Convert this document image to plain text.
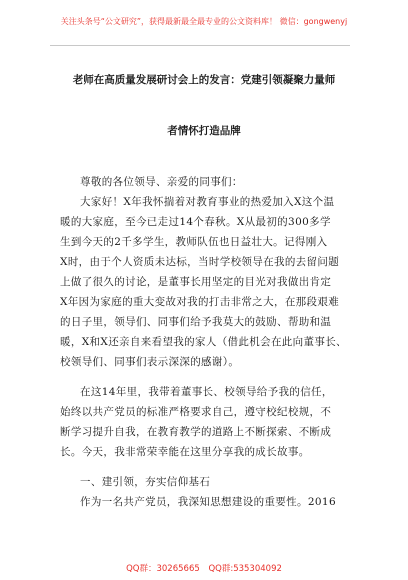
关注头条号“公文研究”，获得最新最全最专业的公文资料库！ 微信：gongwenyj
老师在高质量发展研讨会上的发言：党建引领凝聚力量师
者情怀打造品牌
尊敬的各位领导、亲爱的同事们：
大家好！X年我怀揣着对教育事业的热爱加入X这个温
暖的大家庭，至今已走过14个春秋。X从最初的300多学
生到今天的2千多学生，教师队伍也日益壮大。记得刚入
X时，由于个人资质未达标，当时学校领导在我的去留问题
上做了很久的讨论，是董事长用坚定的目光对我做出肯定
X年因为家庭的重大变故对我的打击非常之大，在那段艰难
的日子里，领导们、同事们给予我莫大的鼓励、帮助和温
暖，X和X还亲自来看望我的家人（借此机会在此向董事长、
校领导们、同事们表示深深的感谢）。
在这14年里，我带着董事长、校领导给予我的信任，
始终以共产党员的标准严格要求自己，遵守校纪校规，不
断学习提升自我，在教育教学的道路上不断探索、不断成
长。今天，我非常荣幸能在这里分享我的成长故事。
一、建引领，夯实信仰基石
作为一名共产党员，我深知思想建设的重要性。2016
QQ群：30265665 QQ群:535304092
